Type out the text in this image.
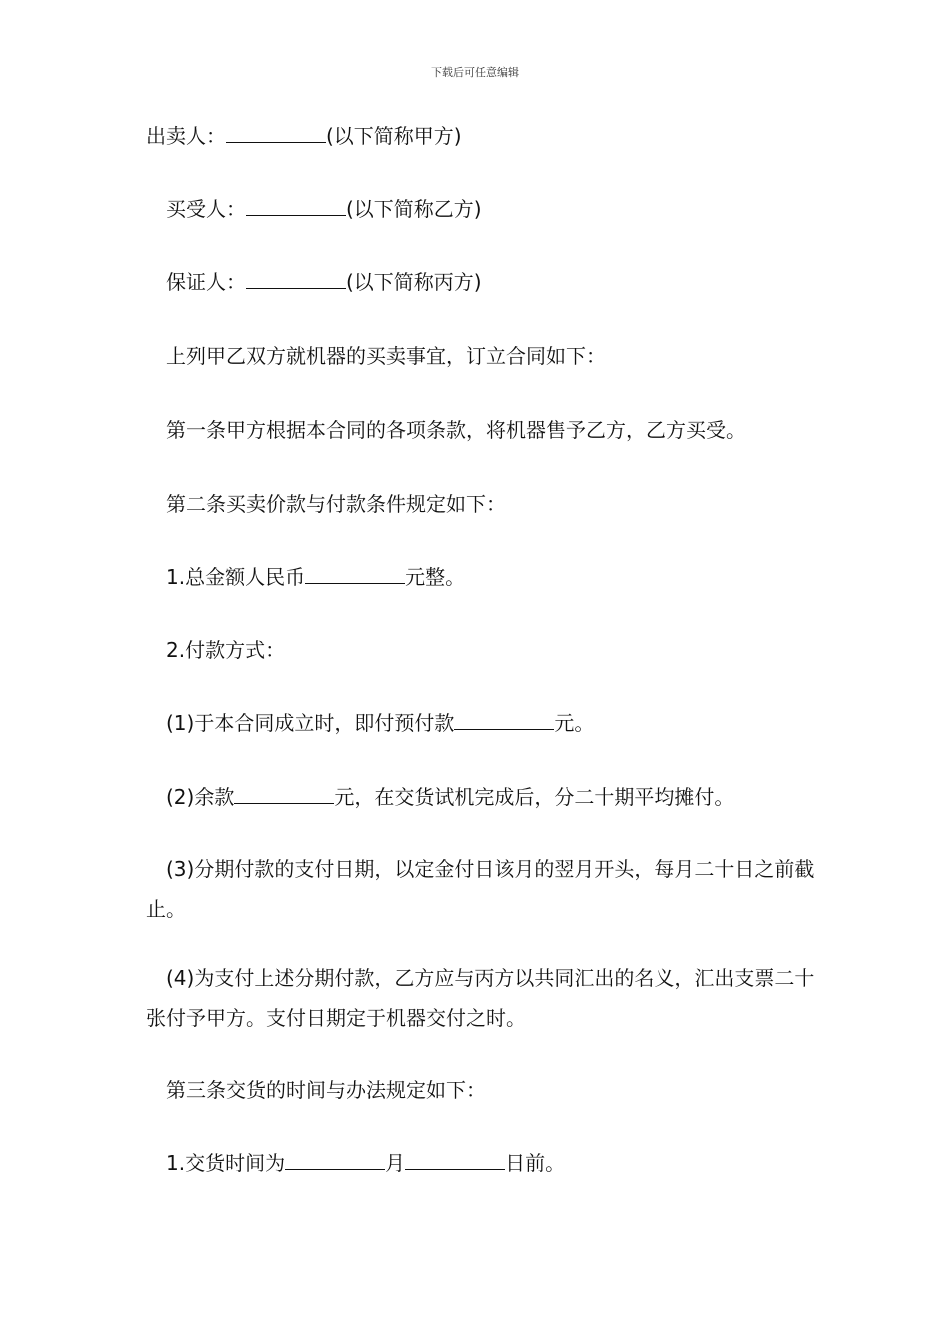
下载后可任意编辑
出卖人：	(以下简称甲方)
买受人：	(以下简称乙方)
保证人：	(以下简称丙方)
上列甲乙双方就机器的买卖事宜，订立合同如下：
第一条甲方根据本合同的各项条款，将机器售予乙方，乙方买受。
第二条买卖价款与付款条件规定如下：
1.总金额人民币	元整。
2.付款方式：
(1)于本合同成立时，即付预付款	元。
(2)余款	元，在交货试机完成后，分二十期平均摊付。
(3)分期付款的支付日期，以定金付日该月的翌月开头，每月二十日之前截止。
(4)为支付上述分期付款，乙方应与丙方以共同汇出的名义，汇出支票二十张付予甲方。支付日期定于机器交付之时。
第三条交货的时间与办法规定如下：
1.交货时间为	月	日前。
